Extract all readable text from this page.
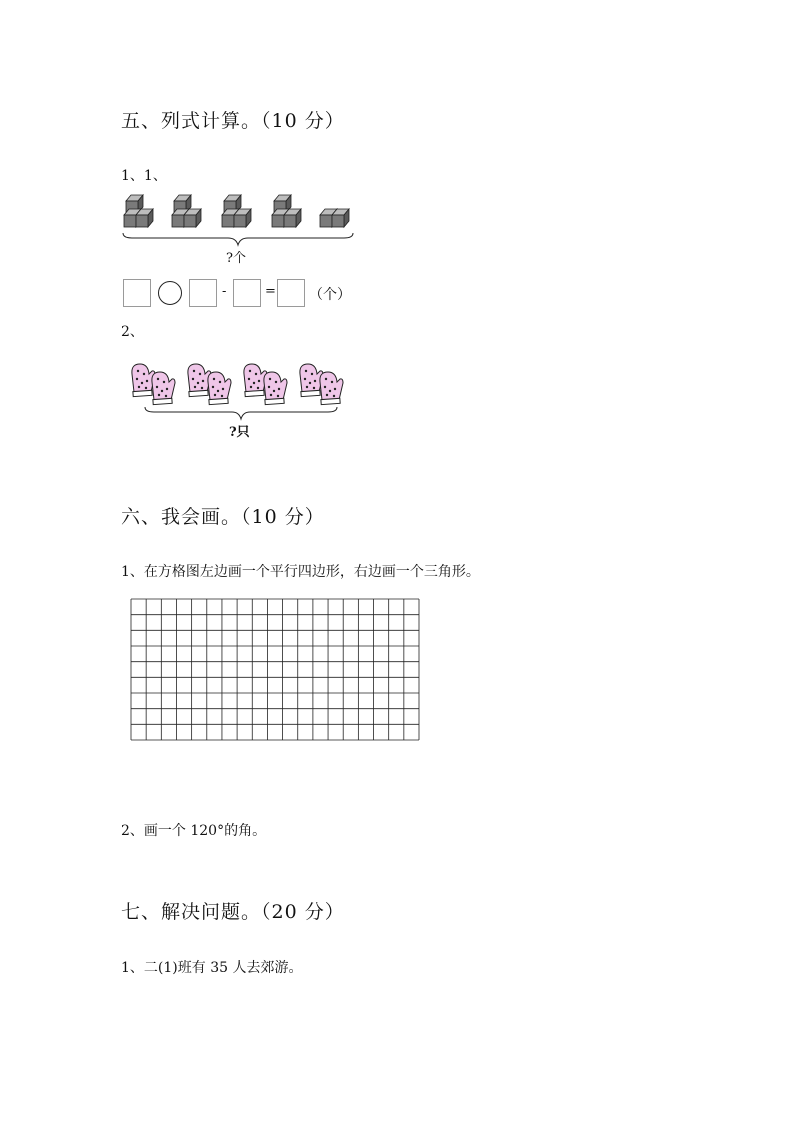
五、列式计算。（10 分）
1、1、
?个
-	= （个）
2、
?只
六、我会画。（10 分）
1、在方格图左边画一个平行四边形，右边画一个三角形。
2、画一个 120°的角。
七、解决问题。（20 分）
1、二(1)班有 35 人去郊游。
